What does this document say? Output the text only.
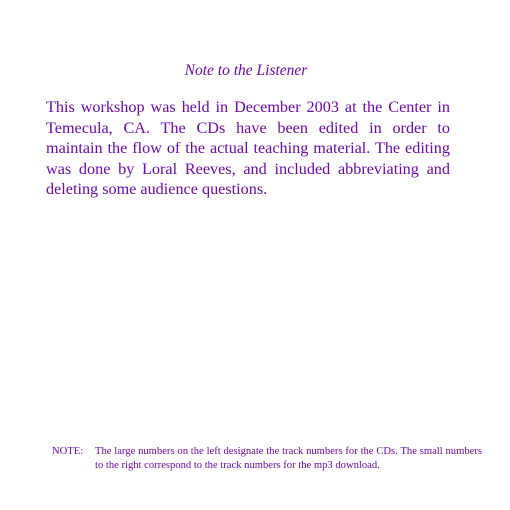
Note to the Listener

This workshop was held in December 2003 at the Center in Temecula, CA. The CDs have been edited in order to maintain the flow of the actual teaching material. The editing was done by Loral Reeves, and included abbreviating and deleting some audience questions.

NOTE:	The large numbers on the left designate the track numbers for the CDs. The small numbers to the right correspond to the track numbers for the mp3 download.
